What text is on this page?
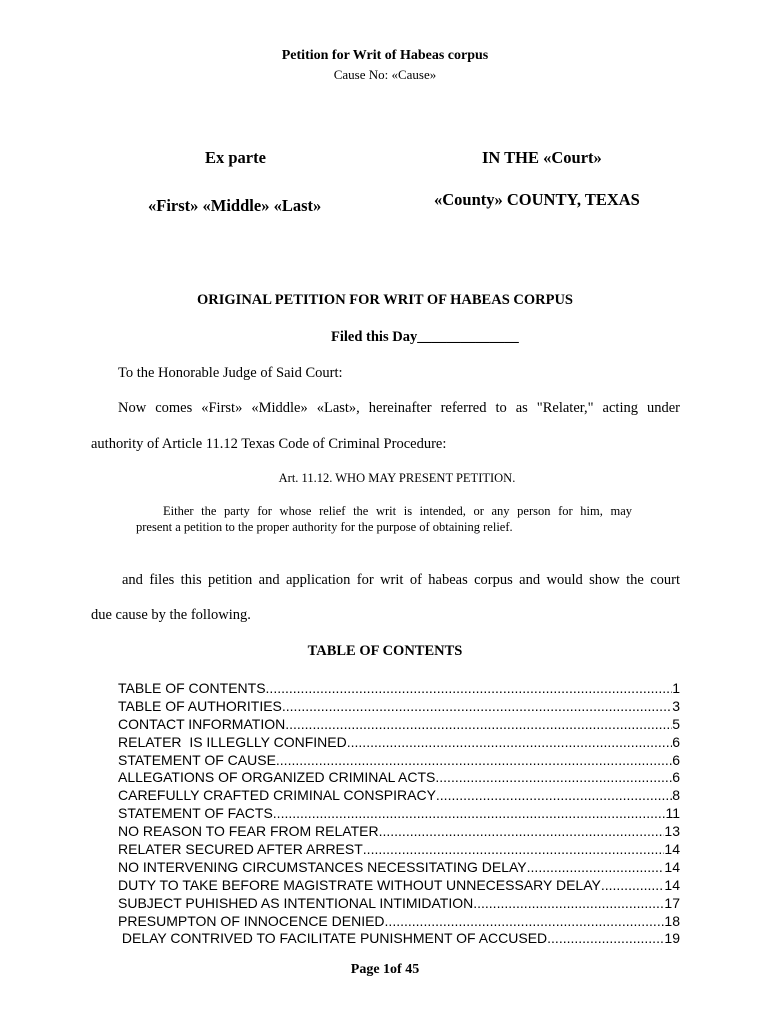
Petition for Writ of Habeas corpus
Cause No: «Cause»
Ex parte
«First» «Middle» «Last»
IN THE «Court»
«County» COUNTY, TEXAS
ORIGINAL PETITION FOR WRIT OF HABEAS CORPUS
Filed this Day______________
To the Honorable Judge of Said Court:
Now comes «First» «Middle» «Last», hereinafter referred to as "Relater," acting under
authority of Article 11.12 Texas Code of Criminal Procedure:
Art. 11.12. WHO MAY PRESENT PETITION.
Either the party for whose relief the writ is intended, or any person for him, may
present a petition to the proper authority for the purpose of obtaining relief.
and files this petition and application for writ of habeas corpus and would show the court
due cause by the following.
TABLE OF CONTENTS
TABLE OF CONTENTS .....	1
TABLE OF AUTHORITIES .....	3
CONTACT INFORMATION .....	5
RELATER  IS ILLEGLLY CONFINED .....	6
STATEMENT OF CAUSE .....	6
ALLEGATIONS OF ORGANIZED CRIMINAL ACTS .....	6
CAREFULLY CRAFTED CRIMINAL CONSPIRACY .....	8
STATEMENT OF FACTS .....	11
NO REASON TO FEAR FROM RELATER .....	13
RELATER SECURED AFTER ARREST .....	14
NO INTERVENING CIRCUMSTANCES NECESSITATING DELAY .....	14
DUTY TO TAKE BEFORE MAGISTRATE WITHOUT UNNECESSARY DELAY .....	14
SUBJECT PUHISHED AS INTENTIONAL INTIMIDATION .....	17
PRESUMPTON OF INNOCENCE DENIED .....	18
DELAY CONTRIVED TO FACILITATE PUNISHMENT OF ACCUSED .....	19
Page 1of 45
